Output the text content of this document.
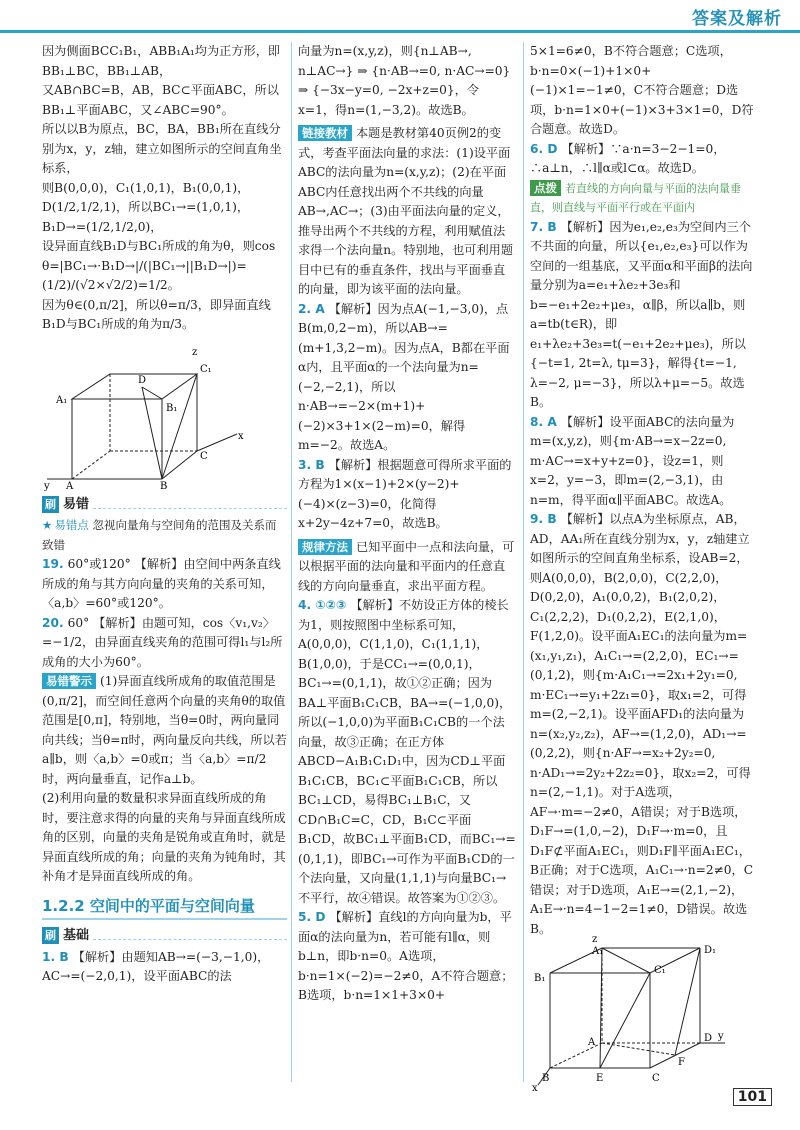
答案及解析

因为侧面BCC₁B₁，ABB₁A₁均为正方形，即BB₁⊥BC，BB₁⊥AB，

又AB∩BC=B，AB，BC⊂平面ABC，所以BB₁⊥平面ABC，又∠ABC=90°。

所以以B为原点，BC，BA，BB₁所在直线分别为x，y，z轴，建立如图所示的空间直角坐标系，

则B(0,0,0)，C₁(1,0,1)，B₁(0,0,1)，D(1/2,1/2,1)，所以BC₁→=(1,0,1)，B₁D→=(1/2,1/2,0)，

设异面直线B₁D与BC₁所成的角为θ，则cos θ=|BC₁→·B₁D→|/(|BC₁→||B₁D→|)=(1/2)/(√2×√2/2)=1/2。

因为θ∈(0,π/2]，所以θ=π/3，即异面直线B₁D与BC₁所成的角为π/3。

D
C₁
A₁
B₁
C
A	B
x
y
z
刷 易错

★ 易错点 忽视向量角与空间角的范围及关系而致错

19. 60°或120° 【解析】由空间中两条直线所成的角与其方向向量的夹角的关系可知，〈a,b〉=60°或120°。

20. 60° 【解析】由题可知，cos〈v₁,v₂〉=−1/2，由异面直线夹角的范围可得l₁与l₂所成角的大小为60°。

易错警示 (1)异面直线所成角的取值范围是(0,π/2]，而空间任意两个向量的夹角θ的取值范围是[0,π]，特别地，当θ=0时，两向量同向共线；当θ=π时，两向量反向共线，所以若a∥b，则〈a,b〉=0或π；当〈a,b〉=π/2时，两向量垂直，记作a⊥b。

(2)利用向量的数量积求异面直线所成的角时，要注意求得的向量的夹角与异面直线所成角的区别，向量的夹角是锐角或直角时，就是异面直线所成的角；向量的夹角为钝角时，其补角才是异面直线所成的角。

1.2.2 空间中的平面与空间向量
刷 基础

1. B 【解析】由题知AB→=(−3,−1,0)，AC→=(−2,0,1)，设平面ABC的法

向量为n=(x,y,z)，则{n⊥AB→, n⊥AC→} ⇒ {n·AB→=0, n·AC→=0} ⇒ {−3x−y=0, −2x+z=0}，令x=1，得n=(1,−3,2)。故选B。

链接教材 本题是教材第40页例2的变式，考查平面法向量的求法：(1)设平面ABC的法向量为n=(x,y,z)；(2)在平面ABC内任意找出两个不共线的向量AB→,AC→；(3)由平面法向量的定义，推导出两个不共线的方程，利用赋值法求得一个法向量n。特别地，也可利用题目中已有的垂直条件，找出与平面垂直的向量，即为该平面的法向量。

2. A 【解析】因为点A(−1,−3,0)，点B(m,0,2−m)，所以AB→=(m+1,3,2−m)。因为点A，B都在平面α内，且平面α的一个法向量为n=(−2,−2,1)，所以n·AB→=−2×(m+1)+(−2)×3+1×(2−m)=0，解得m=−2。故选A。

3. B 【解析】根据题意可得所求平面的方程为1×(x−1)+2×(y−2)+(−4)×(z−3)=0，化简得x+2y−4z+7=0，故选B。

规律方法 已知平面中一点和法向量，可以根据平面的法向量和平面内的任意直线的方向向量垂直，求出平面方程。

4. ①②③ 【解析】不妨设正方体的棱长为1，则按照图中坐标系可知，A(0,0,0)，C(1,1,0)，C₁(1,1,1)，B(1,0,0)，于是CC₁→=(0,0,1)，BC₁→=(0,1,1)，故①②正确；因为BA⊥平面B₁C₁CB，BA→=(−1,0,0)，所以(−1,0,0)为平面B₁C₁CB的一个法向量，故③正确；在正方体ABCD−A₁B₁C₁D₁中，因为CD⊥平面B₁C₁CB，BC₁⊂平面B₁C₁CB，所以BC₁⊥CD，易得BC₁⊥B₁C，又CD∩B₁C=C，CD，B₁C⊂平面B₁CD，故BC₁⊥平面B₁CD，而BC₁→=(0,1,1)，即BC₁→可作为平面B₁CD的一个法向量，又向量(1,1,1)与向量BC₁→不平行，故④错误。故答案为①②③。

5. D 【解析】直线l的方向向量为b，平面α的法向量为n，若可能有l∥α，则b⊥n，即b·n=0。A选项，b·n=1×(−2)=−2≠0，A不符合题意；B选项，b·n=1×1+3×0+

5×1=6≠0，B不符合题意；C选项，b·n=0×(−1)+1×0+(−1)×1=−1≠0，C不符合题意；D选项，b·n=1×0+(−1)×3+3×1=0，D符合题意。故选D。

6. D 【解析】∵a·n=3−2−1=0，∴a⊥n，∴l∥α或l⊂α。故选D。

点拨 若直线的方向向量与平面的法向量垂直，则直线与平面平行或在平面内

7. B 【解析】因为e₁,e₂,e₃为空间内三个不共面的向量，所以{e₁,e₂,e₃}可以作为空间的一组基底，又平面α和平面β的法向量分别为a=e₁+λe₂+3e₃和b=−e₁+2e₂+μe₃，α∥β，所以a∥b，则a=tb(t∈R)，即e₁+λe₂+3e₃=t(−e₁+2e₂+μe₃)，所以{−t=1, 2t=λ, tμ=3}，解得{t=−1, λ=−2, μ=−3}，所以λ+μ=−5。故选B。

8. A 【解析】设平面ABC的法向量为m=(x,y,z)，则{m·AB→=x−2z=0, m·AC→=x+y+z=0}，设z=1，则x=2，y=−3，即m=(2,−3,1)，由n=m，得平面α∥平面ABC。故选A。

9. B 【解析】以点A为坐标原点，AB，AD，AA₁所在直线分别为x，y，z轴建立如图所示的空间直角坐标系，设AB=2，则A(0,0,0)，B(2,0,0)，C(2,2,0)，D(0,2,0)，A₁(0,0,2)，B₁(2,0,2)，C₁(2,2,2)，D₁(0,2,2)，E(2,1,0)，F(1,2,0)。设平面A₁EC₁的法向量为m=(x₁,y₁,z₁)，A₁C₁→=(2,2,0)，EC₁→=(0,1,2)，则{m·A₁C₁→=2x₁+2y₁=0, m·EC₁→=y₁+2z₁=0}，取x₁=2，可得m=(2,−2,1)。设平面AFD₁的法向量为n=(x₂,y₂,z₂)，AF→=(1,2,0)，AD₁→=(0,2,2)，则{n·AF→=x₂+2y₂=0, n·AD₁→=2y₂+2z₂=0}，取x₂=2，可得n=(2,−1,1)。对于A选项，AF→·m=−2≠0，A错误；对于B选项，D₁F→=(1,0,−2)，D₁F→·m=0，且D₁F⊄平面A₁EC₁，则D₁F∥平面A₁EC₁，B正确；对于C选项，A₁C₁→·n=2≠0，C错误；对于D选项，A₁E→=(2,1,−2)，A₁E→·n=4−1−2=1≠0，D错误。故选B。

A₁	D₁
B₁
C₁
A	D
B	C
E
F
y
x
z
101
